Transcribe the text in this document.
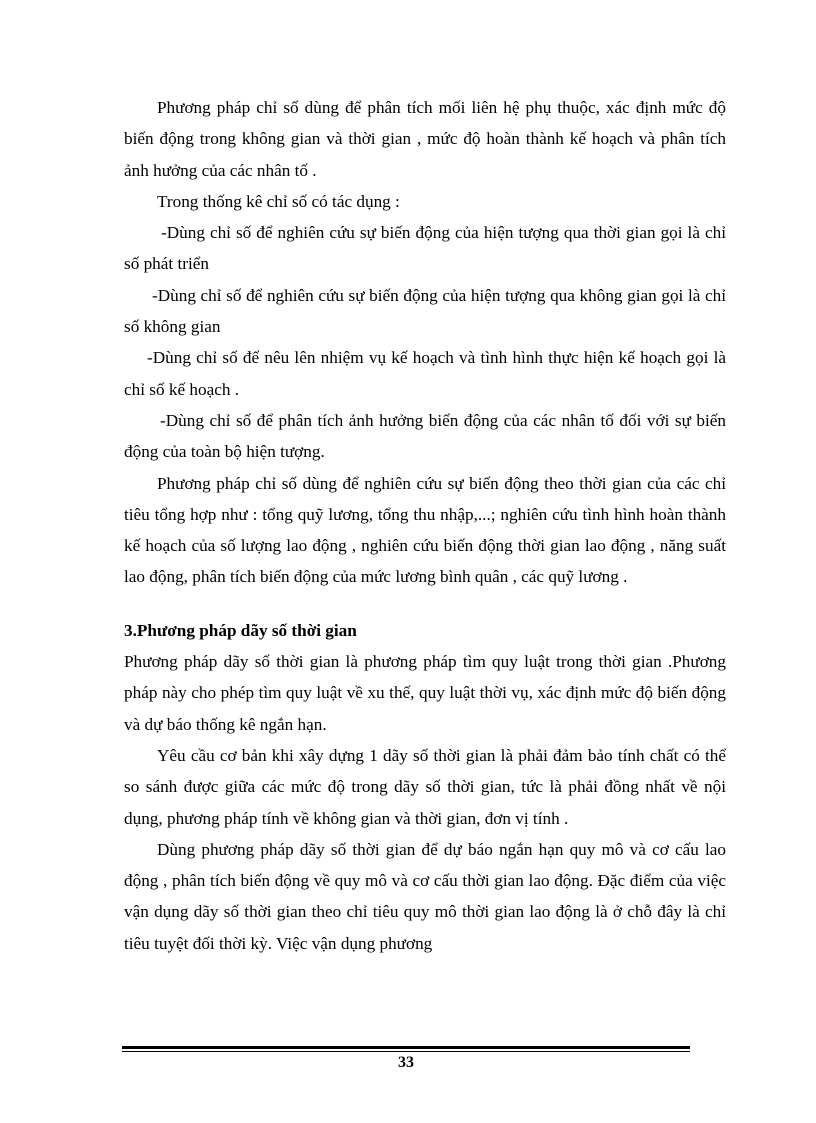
Phương pháp chỉ số dùng để phân tích mối liên hệ phụ thuộc, xác định mức độ biến động trong không gian và thời gian , mức độ hoàn thành kế hoạch và phân tích ảnh hưởng của các nhân tố .

Trong thống kê chỉ số có tác dụng :

-Dùng chỉ số để nghiên cứu sự biến động của hiện tượng qua thời gian gọi là chỉ số phát triển

-Dùng chỉ số để nghiên cứu sự biến động của hiện tượng qua không gian gọi là chỉ số không gian

-Dùng chỉ số để nêu lên nhiệm vụ kế hoạch và tình hình thực hiện kế hoạch gọi là chỉ số kế hoạch .

-Dùng chỉ số để phân tích ảnh hưởng biến động của các nhân tố đối với sự biến động của toàn bộ hiện tượng.

Phương pháp chỉ số dùng để nghiên cứu sự biến động theo thời gian của các chỉ tiêu tổng hợp như : tổng quỹ lương, tổng thu nhập,...; nghiên cứu tình hình hoàn thành kế hoạch của số lượng lao động , nghiên cứu biến động thời gian lao động , năng suất lao động, phân tích biến động của mức lương bình quân , các quỹ lương .

3.Phương pháp dãy số thời gian

Phương pháp dãy số thời gian là phương pháp tìm quy luật trong thời gian .Phương pháp này cho phép tìm quy luật về xu thế, quy luật thời vụ, xác định mức độ biến động và dự báo thống kê ngắn hạn.

Yêu cầu cơ bản khi xây dựng 1 dãy số thời gian là phải đảm bảo tính chất có thể so sánh được giữa các mức độ trong dãy số thời gian, tức là phải đồng nhất về nội dụng, phương pháp tính về không gian và thời gian, đơn vị tính .

Dùng phương pháp dãy số thời gian để dự báo ngắn hạn quy mô và cơ cấu lao động , phân tích biến động về quy mô và cơ cấu thời gian lao động. Đặc điểm của việc vận dụng dãy số thời gian theo chỉ tiêu quy mô thời gian lao động là ở chỗ đây là chỉ tiêu tuyệt đối thời kỳ. Việc vận dụng phương

33
